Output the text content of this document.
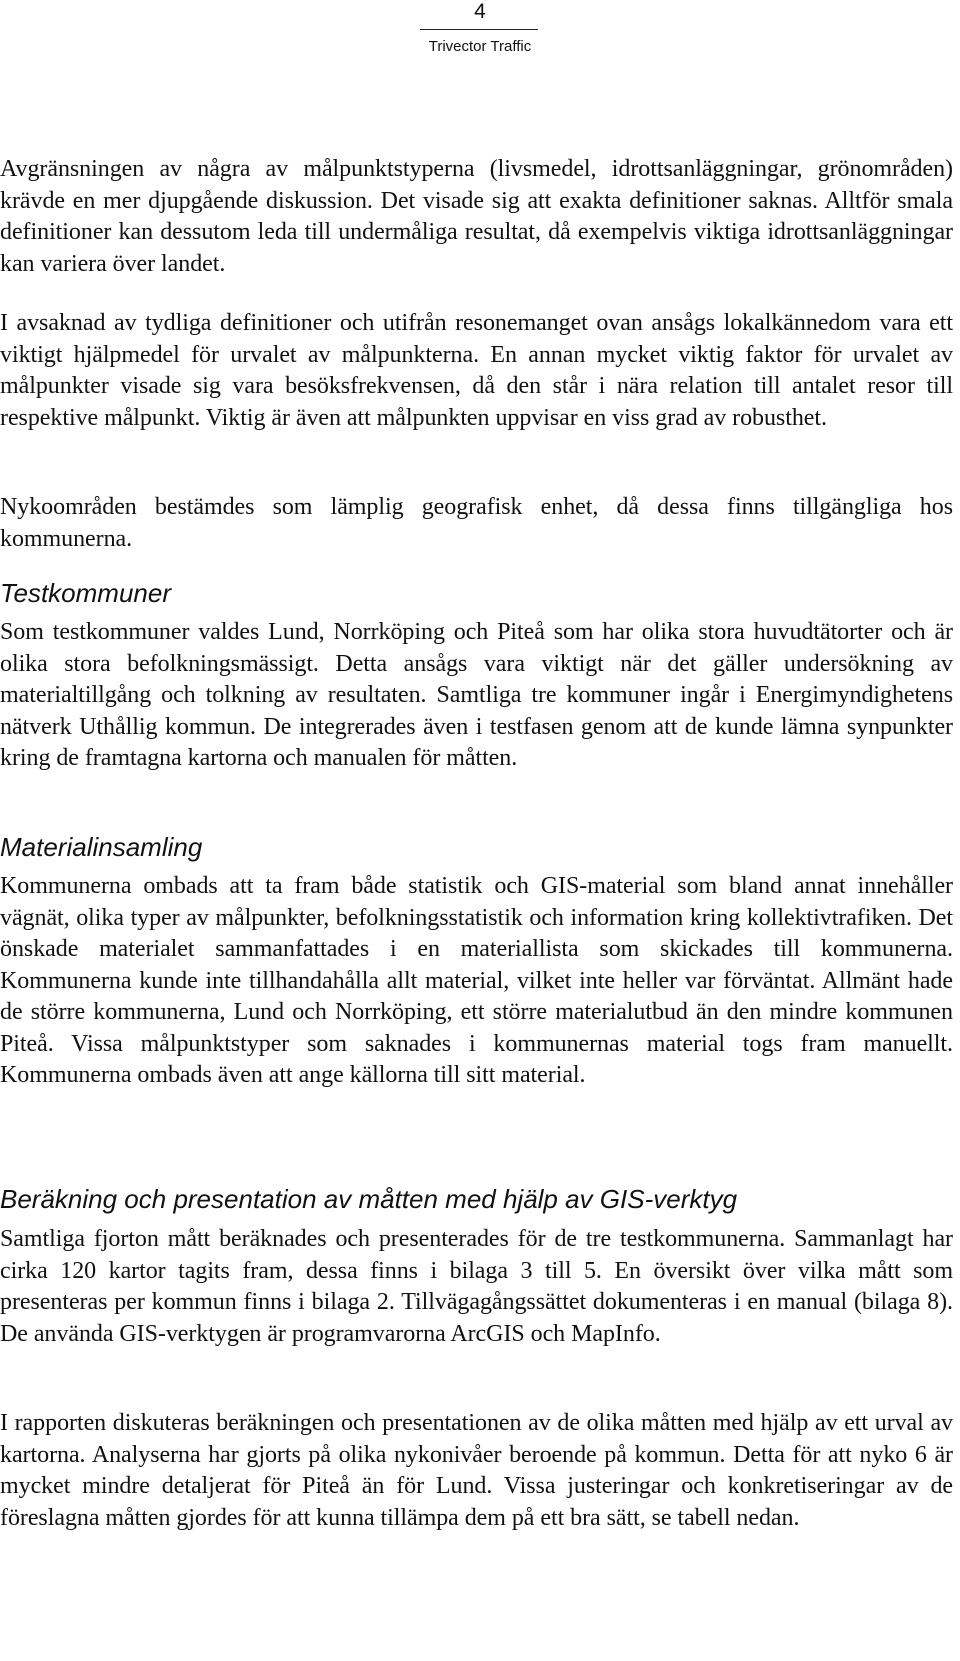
4
Trivector Traffic

Avgränsningen av några av målpunktstyperna (livsmedel, idrottsanläggningar, grönområden) krävde en mer djupgående diskussion. Det visade sig att exakta definitioner saknas. Alltför smala definitioner kan dessutom leda till undermåliga resultat, då exempelvis viktiga idrottsanläggningar kan variera över landet.

I avsaknad av tydliga definitioner och utifrån resonemanget ovan ansågs lokalkännedom vara ett viktigt hjälpmedel för urvalet av målpunkterna. En annan mycket viktig faktor för urvalet av målpunkter visade sig vara besöksfrekvensen, då den står i nära relation till antalet resor till respektive målpunkt. Viktig är även att målpunkten uppvisar en viss grad av robusthet.

Nykoområden bestämdes som lämplig geografisk enhet, då dessa finns tillgängliga hos kommunerna.

Testkommuner

Som testkommuner valdes Lund, Norrköping och Piteå som har olika stora huvudtätorter och är olika stora befolkningsmässigt. Detta ansågs vara viktigt när det gäller undersökning av materialtillgång och tolkning av resultaten. Samtliga tre kommuner ingår i Energimyndighetens nätverk Uthållig kommun. De integrerades även i testfasen genom att de kunde lämna synpunkter kring de framtagna kartorna och manualen för måtten.

Materialinsamling

Kommunerna ombads att ta fram både statistik och GIS-material som bland annat innehåller vägnät, olika typer av målpunkter, befolkningsstatistik och information kring kollektivtrafiken. Det önskade materialet sammanfattades i en materiallista som skickades till kommunerna. Kommunerna kunde inte tillhandahålla allt material, vilket inte heller var förväntat. Allmänt hade de större kommunerna, Lund och Norrköping, ett större materialutbud än den mindre kommunen Piteå. Vissa målpunktstyper som saknades i kommunernas material togs fram manuellt. Kommunerna ombads även att ange källorna till sitt material.

Beräkning och presentation av måtten med hjälp av GIS-verktyg

Samtliga fjorton mått beräknades och presenterades för de tre testkommunerna. Sammanlagt har cirka 120 kartor tagits fram, dessa finns i bilaga 3 till 5. En översikt över vilka mått som presenteras per kommun finns i bilaga 2. Tillvägagångssättet dokumenteras i en manual (bilaga 8). De använda GIS-verktygen är programvarorna ArcGIS och MapInfo.

I rapporten diskuteras beräkningen och presentationen av de olika måtten med hjälp av ett urval av kartorna. Analyserna har gjorts på olika nykonivåer beroende på kommun. Detta för att nyko 6 är mycket mindre detaljerat för Piteå än för Lund. Vissa justeringar och konkretiseringar av de föreslagna måtten gjordes för att kunna tillämpa dem på ett bra sätt, se tabell nedan.
